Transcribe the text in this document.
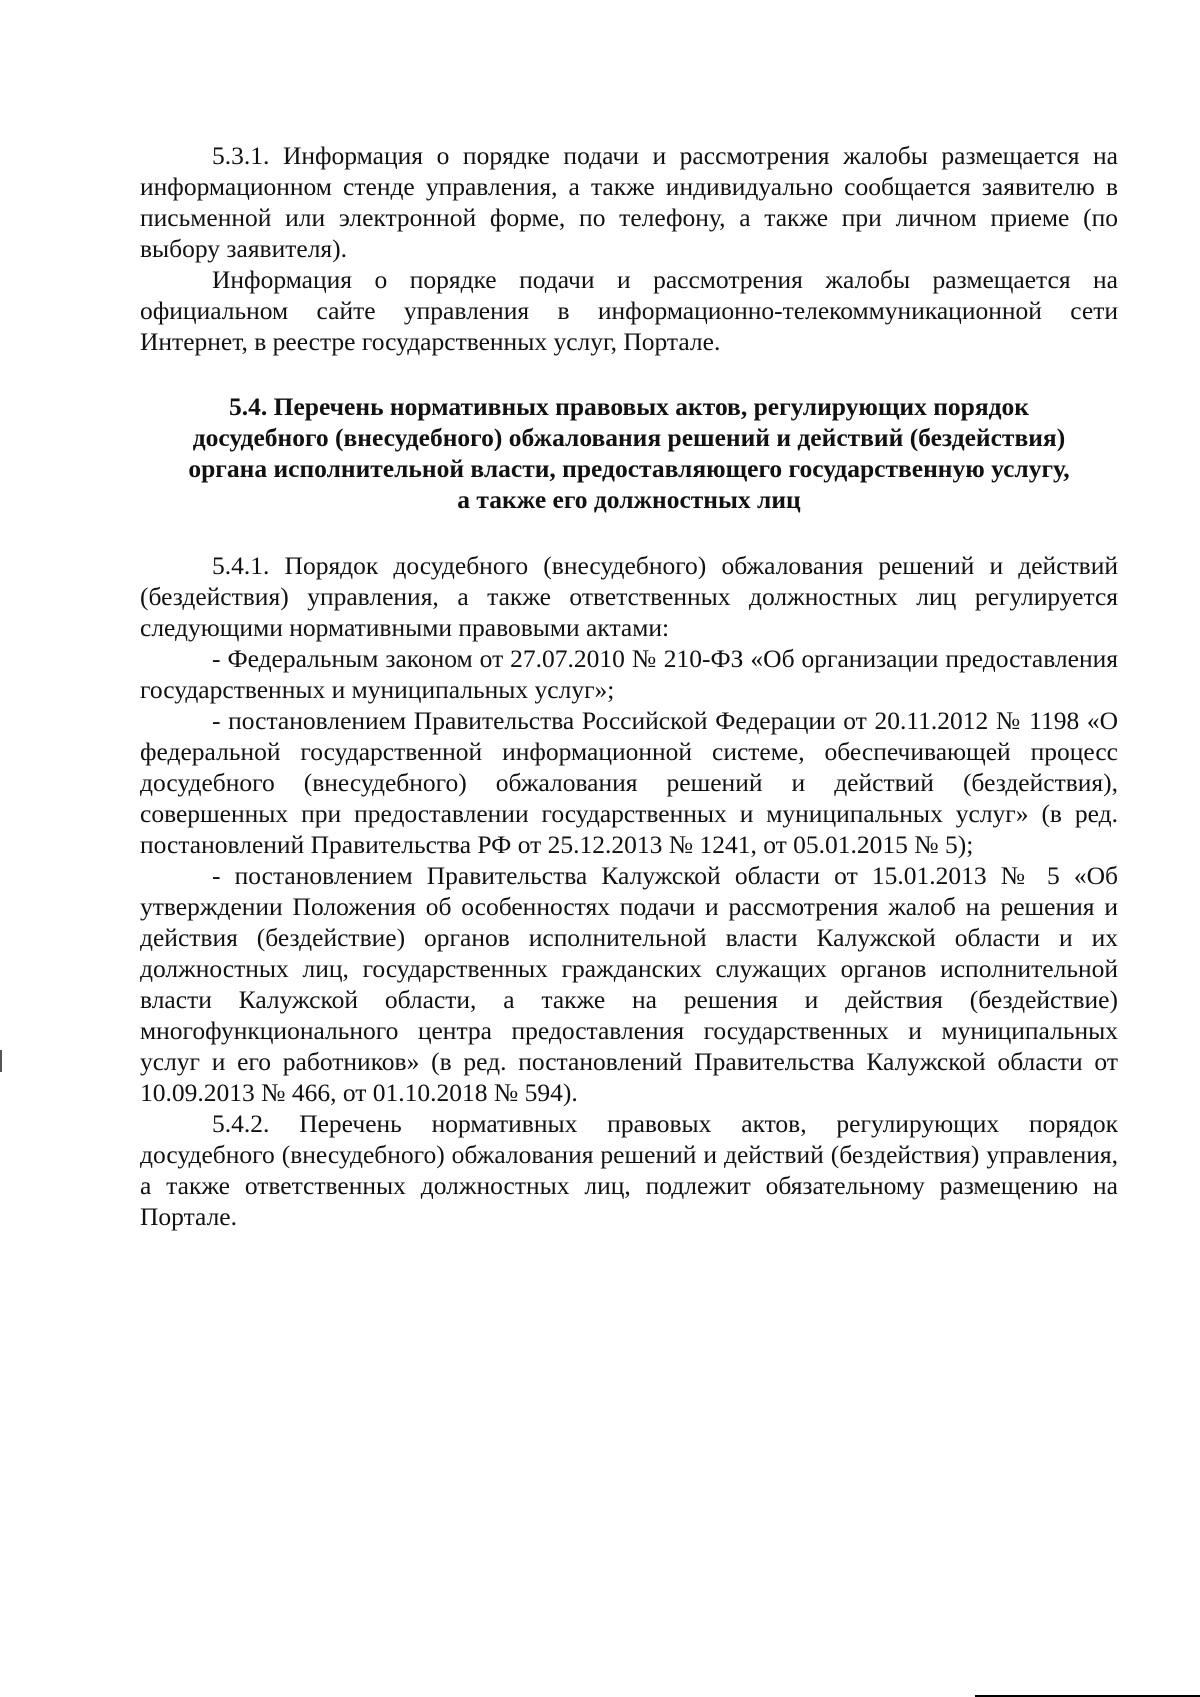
5.3.1. Информация о порядке подачи и рассмотрения жалобы размещается на информационном стенде управления, а также индивидуально сообщается заявителю в письменной или электронной форме, по телефону, а также при личном приеме (по выбору заявителя).

Информация о порядке подачи и рассмотрения жалобы размещается на официальном сайте управления в информационно-телекоммуникационной сети Интернет, в реестре государственных услуг, Портале.

5.4. Перечень нормативных правовых актов, регулирующих порядок досудебного (внесудебного) обжалования решений и действий (бездействия) органа исполнительной власти, предоставляющего государственную услугу, а также его должностных лиц

5.4.1. Порядок досудебного (внесудебного) обжалования решений и действий (бездействия) управления, а также ответственных должностных лиц регулируется следующими нормативными правовыми актами:

- Федеральным законом от 27.07.2010 № 210-ФЗ «Об организации предоставления государственных и муниципальных услуг»;

- постановлением Правительства Российской Федерации от 20.11.2012 № 1198 «О федеральной государственной информационной системе, обеспечивающей процесс досудебного (внесудебного) обжалования решений и действий (бездействия), совершенных при предоставлении государственных и муниципальных услуг» (в ред. постановлений Правительства РФ от 25.12.2013 № 1241, от 05.01.2015 № 5);

- постановлением Правительства Калужской области от 15.01.2013 № 5 «Об утверждении Положения об особенностях подачи и рассмотрения жалоб на решения и действия (бездействие) органов исполнительной власти Калужской области и их должностных лиц, государственных гражданских служащих органов исполнительной власти Калужской области, а также на решения и действия (бездействие) многофункционального центра предоставления государственных и муниципальных услуг и его работников» (в ред. постановлений Правительства Калужской области от 10.09.2013 № 466, от 01.10.2018 № 594).

5.4.2. Перечень нормативных правовых актов, регулирующих порядок досудебного (внесудебного) обжалования решений и действий (бездействия) управления, а также ответственных должностных лиц, подлежит обязательному размещению на Портале.
